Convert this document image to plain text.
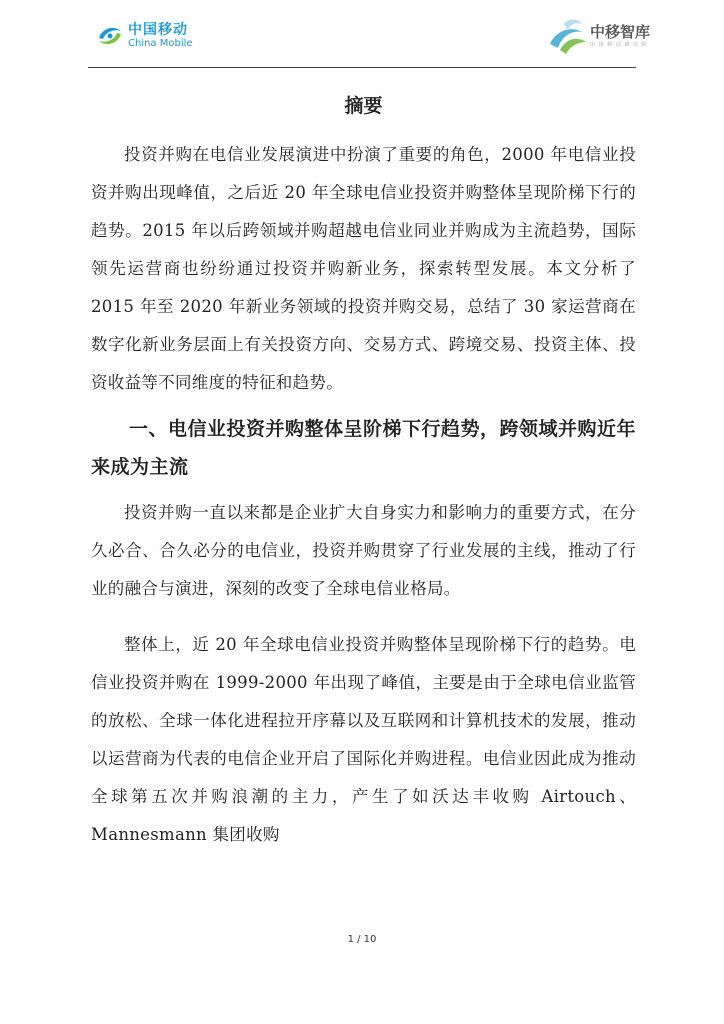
中国移动
China Mobile
中移智库
中 国 移 动 研 究 院
摘要

投资并购在电信业发展演进中扮演了重要的角色，2000 年电信业投资并购出现峰值，之后近 20 年全球电信业投资并购整体呈现阶梯下行的趋势。2015 年以后跨领域并购超越电信业同业并购成为主流趋势，国际领先运营商也纷纷通过投资并购新业务，探索转型发展。本文分析了 2015 年至 2020 年新业务领域的投资并购交易，总结了 30 家运营商在数字化新业务层面上有关投资方向、交易方式、跨境交易、投资主体、投资收益等不同维度的特征和趋势。

一、电信业投资并购整体呈阶梯下行趋势，跨领域并购近年来成为主流

投资并购一直以来都是企业扩大自身实力和影响力的重要方式，在分久必合、合久必分的电信业，投资并购贯穿了行业发展的主线，推动了行业的融合与演进，深刻的改变了全球电信业格局。

整体上，近 20 年全球电信业投资并购整体呈现阶梯下行的趋势。电信业投资并购在 1999-2000 年出现了峰值，主要是由于全球电信业监管的放松、全球一体化进程拉开序幕以及互联网和计算机技术的发展，推动以运营商为代表的电信企业开启了国际化并购进程。电信业因此成为推动全球第五次并购浪潮的主力，产生了如沃达丰收购 Airtouch、Mannesmann 集团收购

1 / 10
